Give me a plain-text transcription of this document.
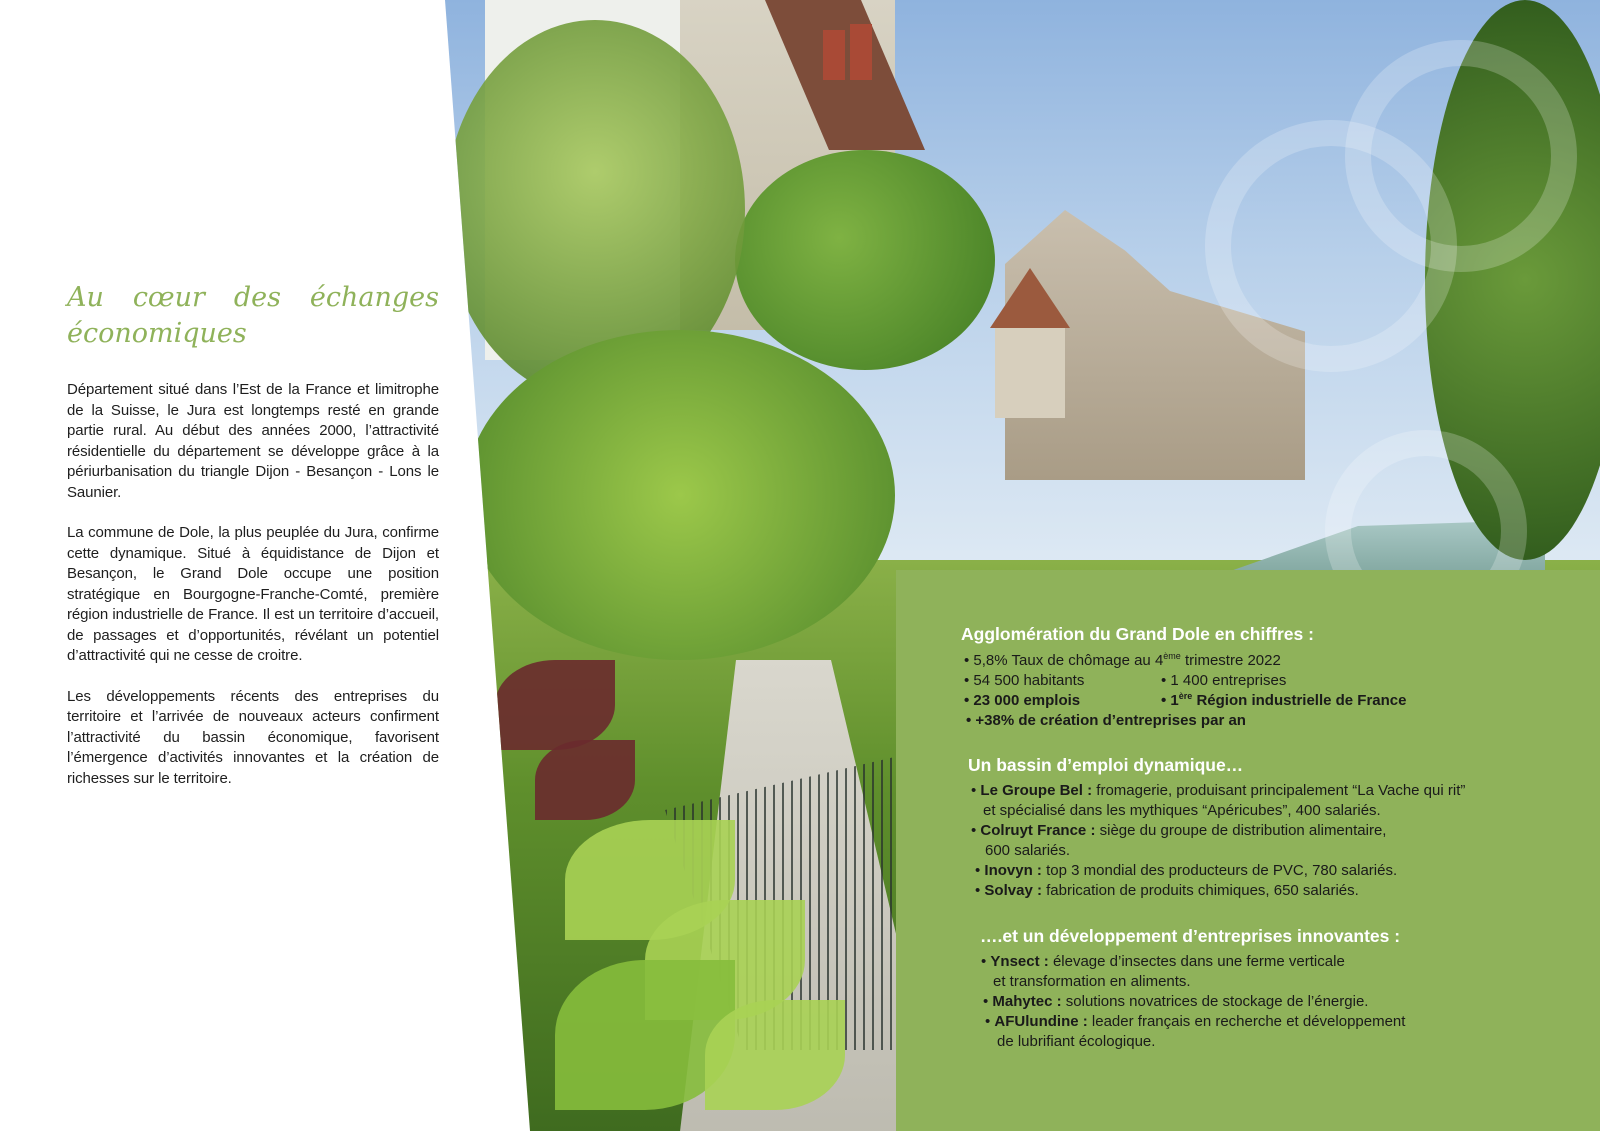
Au cœur des échanges économiques

Département situé dans l’Est de la France et limitrophe de la Suisse, le Jura est longtemps resté en grande partie rural. Au début des années 2000, l’attractivité résidentielle du département se développe grâce à la périurbanisation du triangle Dijon - Besançon - Lons le Saunier.

La commune de Dole, la plus peuplée du Jura, confirme cette dynamique. Situé à équidistance de Dijon et Besançon, le Grand Dole occupe une position stratégique en Bourgogne-Franche-Comté, première région industrielle de France. Il est un territoire d’accueil, de passages et d’opportunités, révélant un potentiel d’attractivité qui ne cesse de croitre.

Les développements récents des entreprises du territoire et l’arrivée de nouveaux acteurs confirment l’attractivité du bassin économique, favorisent l’émergence d’activités innovantes et la création de richesses sur le territoire.

Agglomération du Grand Dole en chiffres :
• 5,8% Taux de chômage au 4ème trimestre 2022
• 54 500 habitants	• 1 400 entreprises
• 23 000 emplois	• 1ère Région industrielle de France
• +38% de création d’entreprises par an
Un bassin d’emploi dynamique…
• Le Groupe Bel : fromagerie, produisant principalement “La Vache qui rit”
et spécialisé dans les mythiques “Apéricubes”, 400 salariés.
• Colruyt France : siège du groupe de distribution alimentaire,
600 salariés.
• Inovyn : top 3 mondial des producteurs de PVC, 780 salariés.
• Solvay : fabrication de produits chimiques, 650 salariés.
….et un développement d’entreprises innovantes :
• Ynsect : élevage d’insectes dans une ferme verticale
et transformation en aliments.
• Mahytec : solutions novatrices de stockage de l’énergie.
• AFUlundine : leader français en recherche et développement
de lubrifiant écologique.
